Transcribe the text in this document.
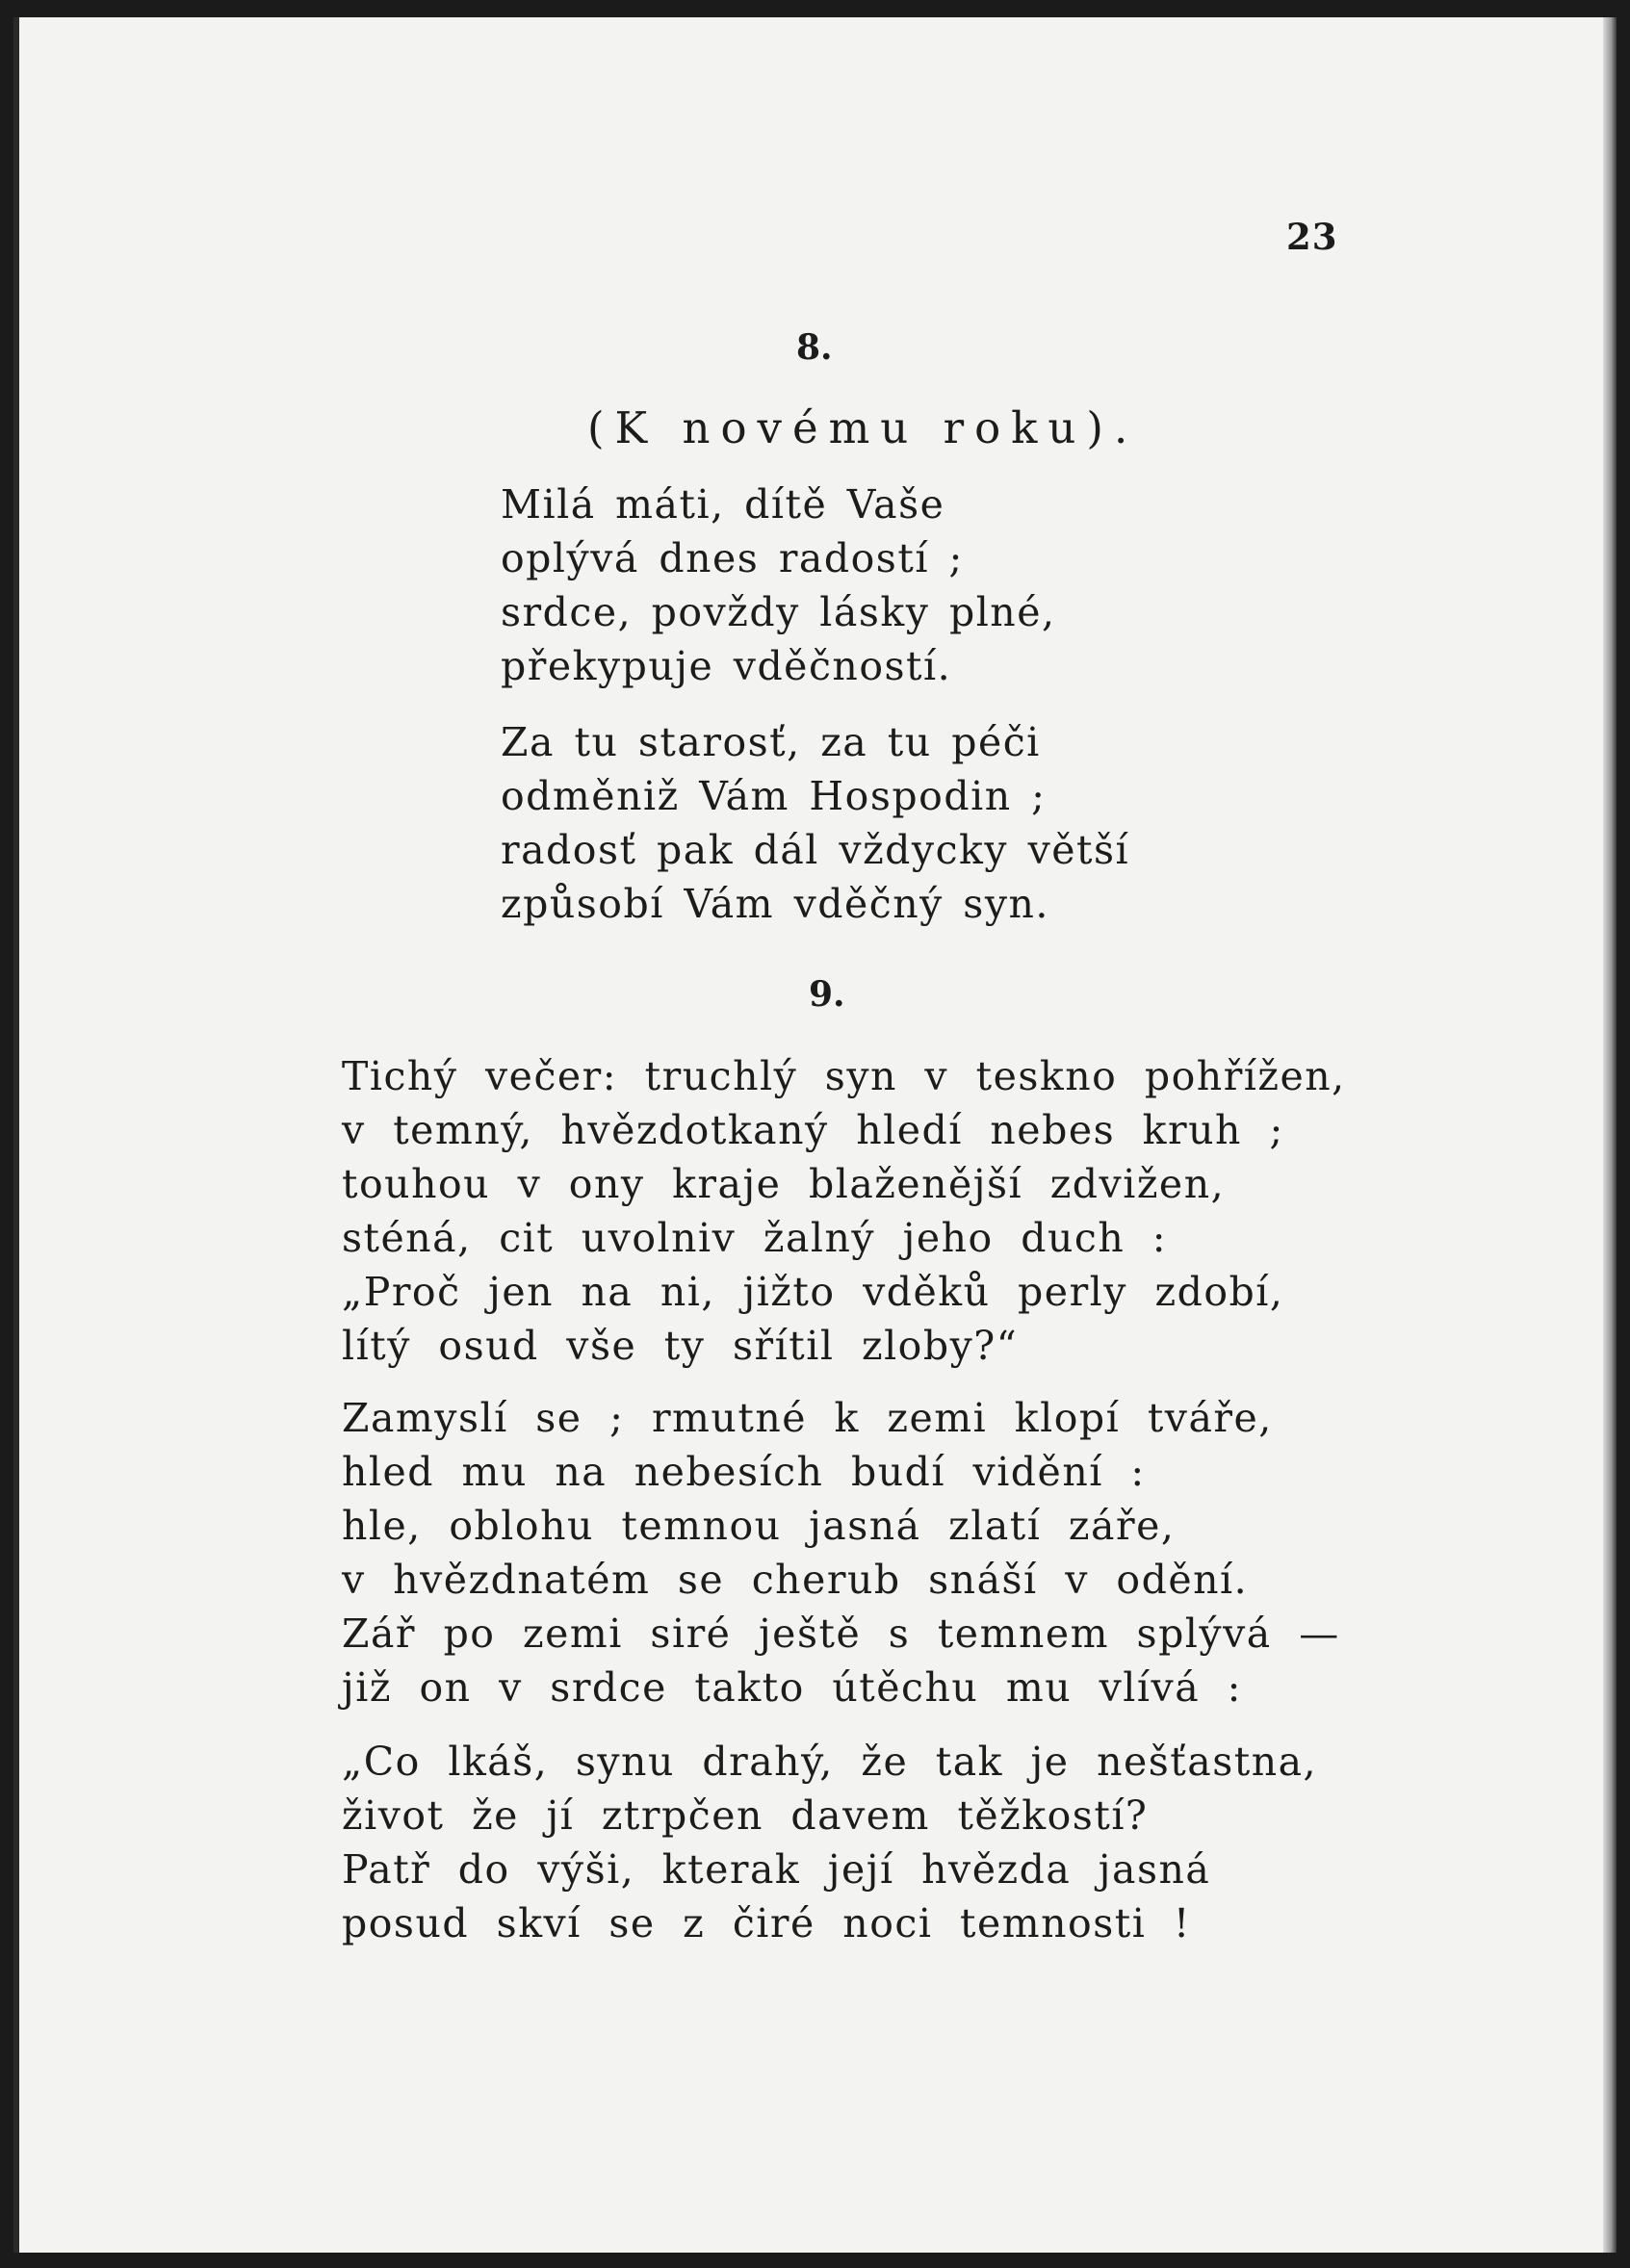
23
8.
(K novému roku).
Milá máti, dítě Vaše
oplývá dnes radostí ;
srdce, povždy lásky plné,
překypuje vděčností.
Za tu starosť, za tu péči
odměniž Vám Hospodin ;
radosť pak dál vždycky větší
způsobí Vám vděčný syn.
9.
Tichý večer: truchlý syn v teskno pohřížen,
v temný, hvězdotkaný hledí nebes kruh ;
touhou v ony kraje blaženější zdvižen,
sténá, cit uvolniv žalný jeho duch :
„Proč jen na ni, jižto vděků perly zdobí,
lítý osud vše ty sřítil zloby?“
Zamyslí se ; rmutné k zemi klopí tváře,
hled mu na nebesích budí vidění :
hle, oblohu temnou jasná zlatí záře,
v hvězdnatém se cherub snáší v odění.
Zář po zemi siré ještě s temnem splývá —
již on v srdce takto útěchu mu vlívá :
„Co lkáš, synu drahý, že tak je nešťastna,
život že jí ztrpčen davem těžkostí?
Patř do výši, kterak její hvězda jasná
posud skví se z čiré noci temnosti !
